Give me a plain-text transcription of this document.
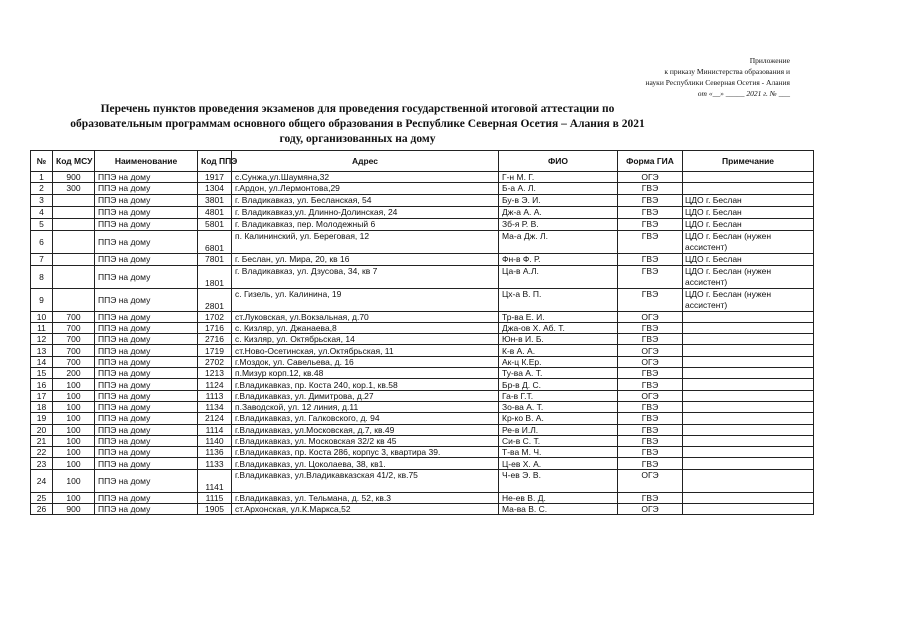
Приложение
к приказу Министерства образования и
науки Республики Северная Осетия - Алания
от «__» _____ 2021 г. № ___
Перечень пунктов проведения экзаменов для проведения государственной итоговой аттестации по
образовательным программам основного общего образования в Республике Северная Осетия – Алания в 2021
году, организованных на дому
№	Код МСУ	Наименование	Код ППЭ	Адрес	ФИО	Форма ГИА	Примечание
1	900	ППЭ на дому	1917	с.Сунжа,ул.Шаумяна,32	Г-н М. Г.	ОГЭ	
2	300	ППЭ на дому	1304	г.Ардон, ул.Лермонтова,29	Б-а А. Л.	ГВЭ	
3		ППЭ на дому	3801	г. Владикавказ, ул. Бесланская, 54	Бу-в Э. И.	ГВЭ	ЦДО г. Беслан
4		ППЭ на дому	4801	г. Владикавказ,ул. Длинно-Долинская, 24	Дж-а А. А.	ГВЭ	ЦДО г. Беслан
5		ППЭ на дому	5801	г. Владикавказ, пер. Молодежный 6	Зб-я Р. В.	ГВЭ	ЦДО г. Беслан
6		ППЭ на дому	6801	п. Калининский, ул. Береговая, 12	Ма-а Дж. Л.	ГВЭ	ЦДО г. Беслан (нужен ассистент)
7		ППЭ на дому	7801	г. Беслан, ул. Мира, 20, кв 16	Фн-в Ф. Р.	ГВЭ	ЦДО г. Беслан
8		ППЭ на дому	1801	г. Владикавказ, ул. Дзусова, 34, кв 7	Ца-в А.Л.	ГВЭ	ЦДО г. Беслан (нужен ассистент)
9		ППЭ на дому	2801	с. Гизель, ул. Калинина, 19	Цх-а В. П.	ГВЭ	ЦДО г. Беслан (нужен ассистент)
10	700	ППЭ на дому	1702	ст.Луковская, ул.Вокзальная, д.70	Тр-ва Е. И.	ОГЭ	
11	700	ППЭ на дому	1716	с. Кизляр, ул. Джанаева,8	Джа-ов Х. Аб. Т.	ГВЭ	
12	700	ППЭ на дому	2716	с. Кизляр, ул. Октябрьская, 14	Юн-в И. Б.	ГВЭ	
13	700	ППЭ на дому	1719	ст.Ново-Осетинская, ул.Октябрьская, 11	К-в А. А.	ОГЭ	
14	700	ППЭ на дому	2702	г.Моздок, ул. Савельева, д. 16	Ак-ц К.Ер.	ОГЭ	
15	200	ППЭ на дому	1213	п.Мизур корп.12, кв.48	Ту-ва А. Т.	ГВЭ	
16	100	ППЭ на дому	1124	г.Владикавказ, пр. Коста 240, кор.1, кв.58	Бр-в Д. С.	ГВЭ	
17	100	ППЭ на дому	1113	г.Владикавказ, ул. Димитрова, д.27	Га-в Г.Т.	ОГЭ	
18	100	ППЭ на дому	1134	п.Заводской, ул. 12 линия, д.11	Зо-ва А. Т.	ГВЭ	
19	100	ППЭ на дому	2124	г.Владикавказ, ул. Галковского, д. 94	Кр-ко В. А.	ГВЭ	
20	100	ППЭ на дому	1114	г.Владикавказ, ул.Московская, д.7, кв.49	Ре-в И.Л.	ГВЭ	
21	100	ППЭ на дому	1140	г.Владикавказ, ул. Московская 32/2 кв 45	Си-в С. Т.	ГВЭ	
22	100	ППЭ на дому	1136	г.Владикавказ, пр. Коста 286, корпус 3, квартира 39.	Т-ва М. Ч.	ГВЭ	
23	100	ППЭ на дому	1133	г.Владикавказ, ул. Цоколаева, 38, кв1.	Ц-ев Х. А.	ГВЭ	
24	100	ППЭ на дому	1141	г.Владикавказ, ул.Владикавказская 41/2, кв.75	Ч-ев Э. В.	ОГЭ	
25	100	ППЭ на дому	1115	г.Владикавказ, ул. Тельмана, д. 52, кв.3	Не-ев В. Д.	ГВЭ	
26	900	ППЭ на дому	1905	ст.Архонская, ул.К.Маркса,52	Ма-ва В. С.	ОГЭ	
